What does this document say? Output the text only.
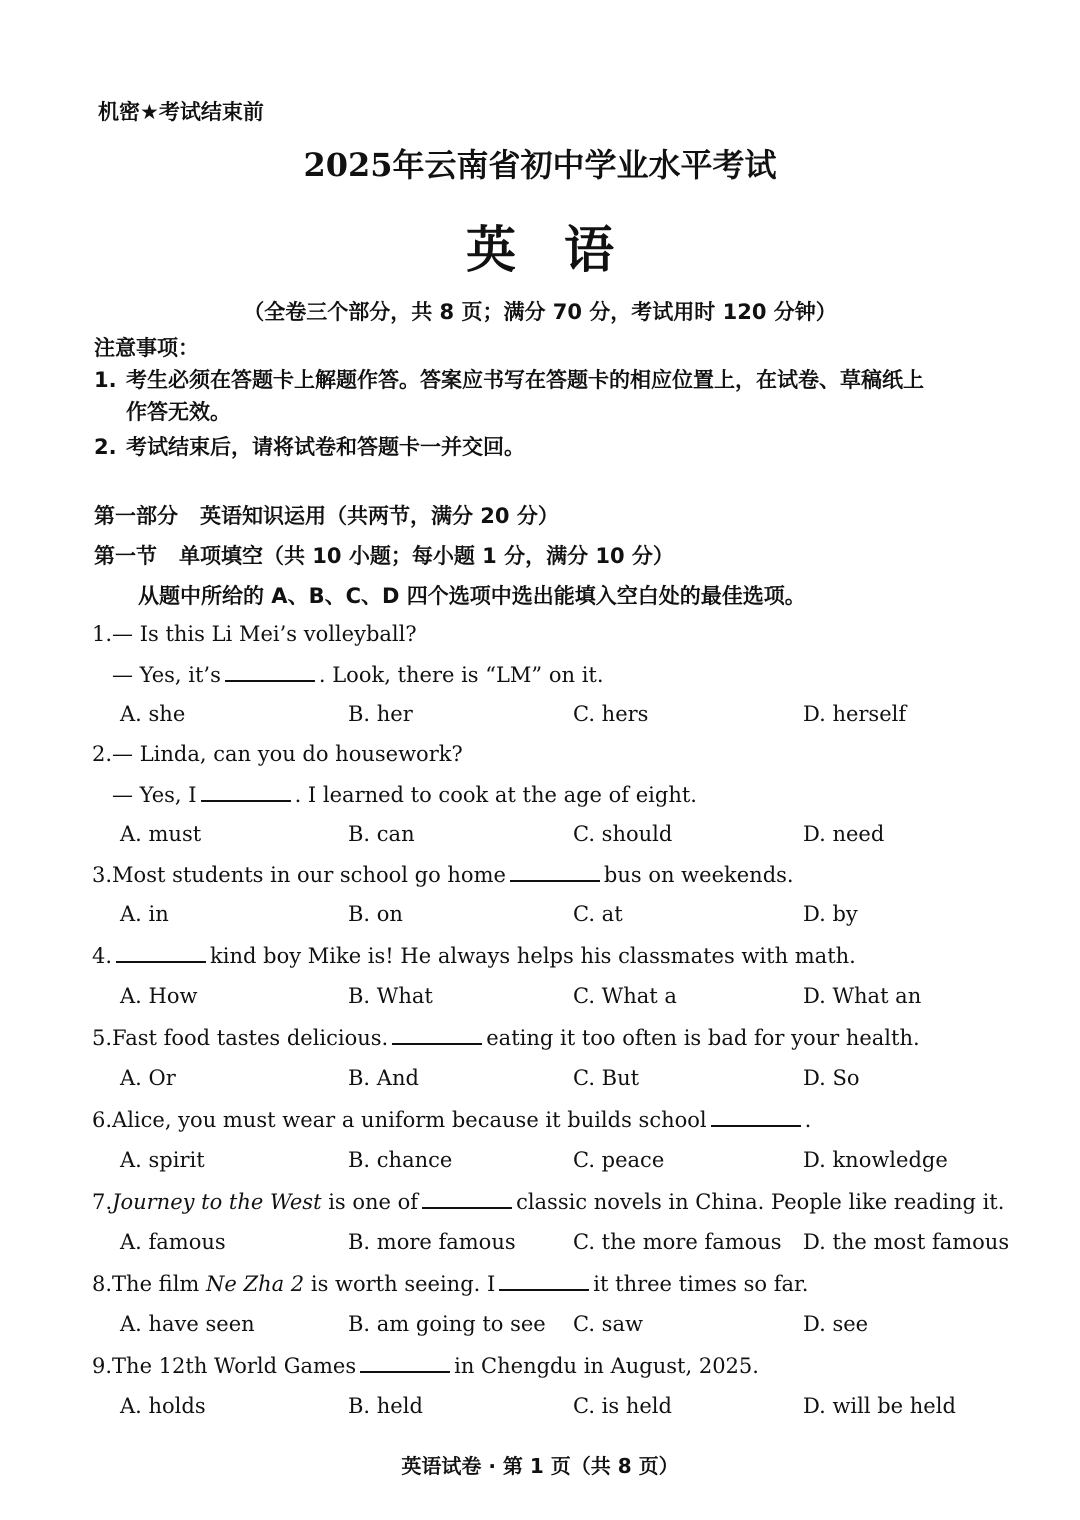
机密★考试结束前
2025年云南省初中学业水平考试
英语
（全卷三个部分，共 8 页；满分 70 分，考试用时 120 分钟）
注意事项：
1. 考生必须在答题卡上解题作答。答案应书写在答题卡的相应位置上，在试卷、草稿纸上
作答无效。
2. 考试结束后，请将试卷和答题卡一并交回。
第一部分 英语知识运用（共两节，满分 20 分）
第一节 单项填空（共 10 小题；每小题 1 分，满分 10 分）
从题中所给的 A、B、C、D 四个选项中选出能填入空白处的最佳选项。
1.— Is this Li Mei’s volleyball?
— Yes, it’s	. Look, there is “LM” on it.
A. she	B. her	C. hers	D. herself
2.— Linda, can you do housework?
— Yes, I	. I learned to cook at the age of eight.
A. must	B. can	C. should	D. need
3.Most students in our school go home	bus on weekends.
A. in	B. on	C. at	D. by
4.	kind boy Mike is! He always helps his classmates with math.
A. How	B. What	C. What a	D. What an
5.Fast food tastes delicious.	eating it too often is bad for your health.
A. Or	B. And	C. But	D. So
6.Alice, you must wear a uniform because it builds school	.
A. spirit	B. chance	C. peace	D. knowledge
7.Journey to the West is one of	classic novels in China. People like reading it.
A. famous	B. more famous	C. the more famous D. the most famous
8.The film Ne Zha 2 is worth seeing. I	it three times so far.
A. have seen	B. am going to see C. saw	D. see
9.The 12th World Games	in Chengdu in August, 2025.
A. holds	B. held	C. is held	D. will be held
英语试卷 · 第 1 页（共 8 页）
